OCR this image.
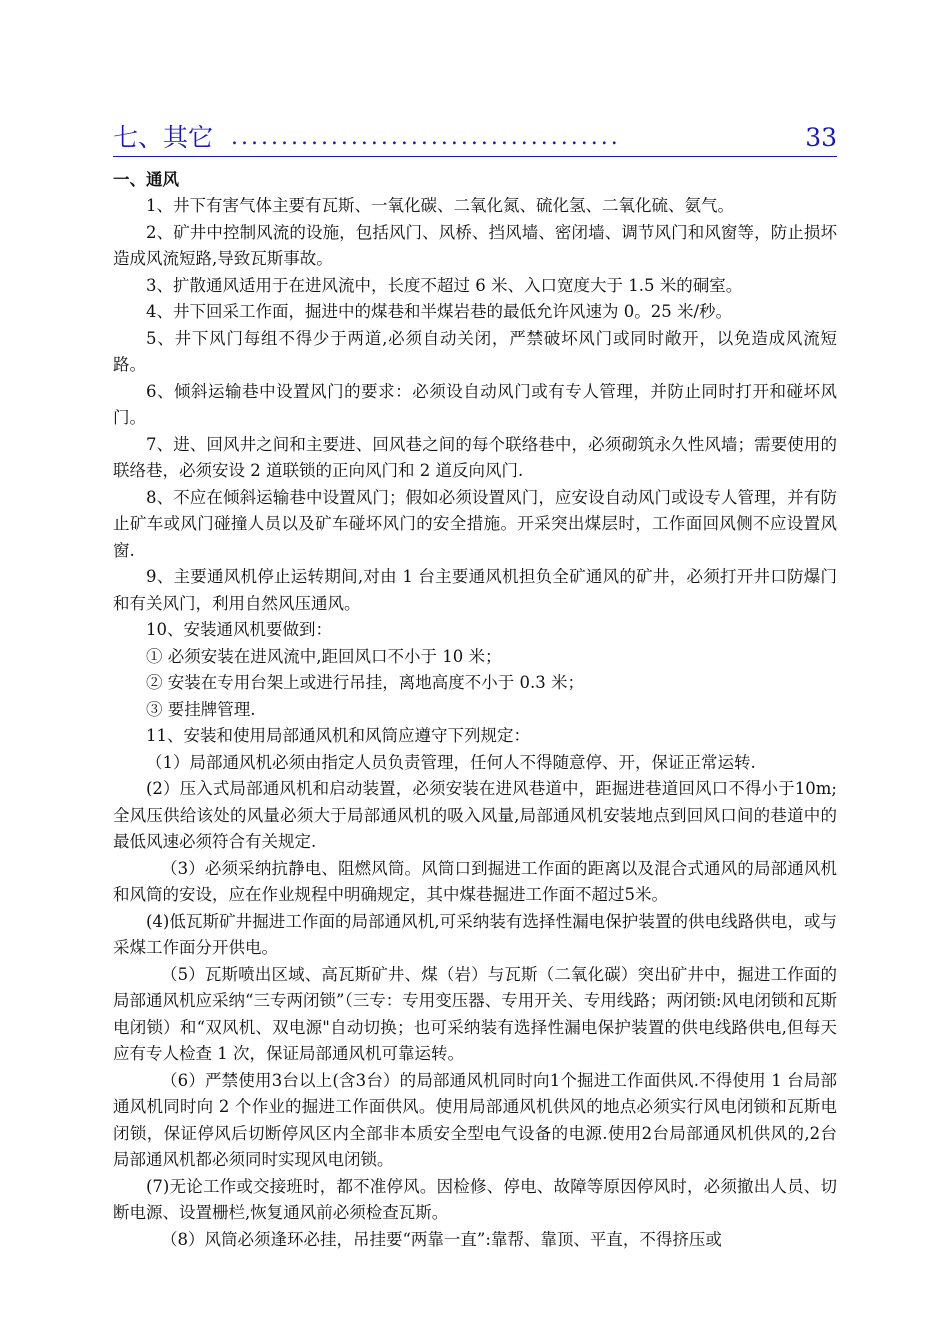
七、其它 .......................................	33
一、通风

1、井下有害气体主要有瓦斯、一氧化碳、二氧化氮、硫化氢、二氧化硫、氨气。

2、矿井中控制风流的设施，包括风门、风桥、挡风墙、密闭墙、调节风门和风窗等，防止损坏造成风流短路,导致瓦斯事故。

3、扩散通风适用于在进风流中，长度不超过 6 米、入口宽度大于 1.5 米的硐室。

4、井下回采工作面，掘进中的煤巷和半煤岩巷的最低允许风速为 0。25 米/秒。

5、井下风门每组不得少于两道,必须自动关闭，严禁破坏风门或同时敞开，以免造成风流短路。

6、倾斜运输巷中设置风门的要求：必须设自动风门或有专人管理，并防止同时打开和碰坏风门。

7、进、回风井之间和主要进、回风巷之间的每个联络巷中，必须砌筑永久性风墙；需要使用的联络巷，必须安设 2 道联锁的正向风门和 2 道反向风门.

8、不应在倾斜运输巷中设置风门；假如必须设置风门，应安设自动风门或设专人管理，并有防止矿车或风门碰撞人员以及矿车碰坏风门的安全措施。开采突出煤层时，工作面回风侧不应设置风窗.

9、主要通风机停止运转期间,对由 1 台主要通风机担负全矿通风的矿井，必须打开井口防爆门和有关风门，利用自然风压通风。

10、安装通风机要做到：

① 必须安装在进风流中,距回风口不小于 10 米；

② 安装在专用台架上或进行吊挂，离地高度不小于 0.3 米；

③ 要挂牌管理.

11、安装和使用局部通风机和风筒应遵守下列规定：

（1）局部通风机必须由指定人员负责管理，任何人不得随意停、开，保证正常运转.

(2）压入式局部通风机和启动装置，必须安装在进风巷道中，距掘进巷道回风口不得小于10m;全风压供给该处的风量必须大于局部通风机的吸入风量,局部通风机安装地点到回风口间的巷道中的最低风速必须符合有关规定.

（3）必须采纳抗静电、阻燃风筒。风筒口到掘进工作面的距离以及混合式通风的局部通风机和风筒的安设，应在作业规程中明确规定，其中煤巷掘进工作面不超过5米。

(4)低瓦斯矿井掘进工作面的局部通风机,可采纳装有选择性漏电保护装置的供电线路供电，或与采煤工作面分开供电。

（5）瓦斯喷出区域、高瓦斯矿井、煤（岩）与瓦斯（二氧化碳）突出矿井中，掘进工作面的局部通风机应采纳“三专两闭锁”（三专：专用变压器、专用开关、专用线路；两闭锁:风电闭锁和瓦斯电闭锁）和“双风机、双电源"自动切换；也可采纳装有选择性漏电保护装置的供电线路供电,但每天应有专人检查 1 次，保证局部通风机可靠运转。

（6）严禁使用3台以上(含3台）的局部通风机同时向1个掘进工作面供风.不得使用 1 台局部通风机同时向 2 个作业的掘进工作面供风。使用局部通风机供风的地点必须实行风电闭锁和瓦斯电闭锁，保证停风后切断停风区内全部非本质安全型电气设备的电源.使用2台局部通风机供风的,2台局部通风机都必须同时实现风电闭锁。

(7)无论工作或交接班时，都不准停风。因检修、停电、故障等原因停风时，必须撤出人员、切断电源、设置栅栏,恢复通风前必须检查瓦斯。

（8）风筒必须逢环必挂，吊挂要“两靠一直”:靠帮、靠顶、平直，不得挤压或
